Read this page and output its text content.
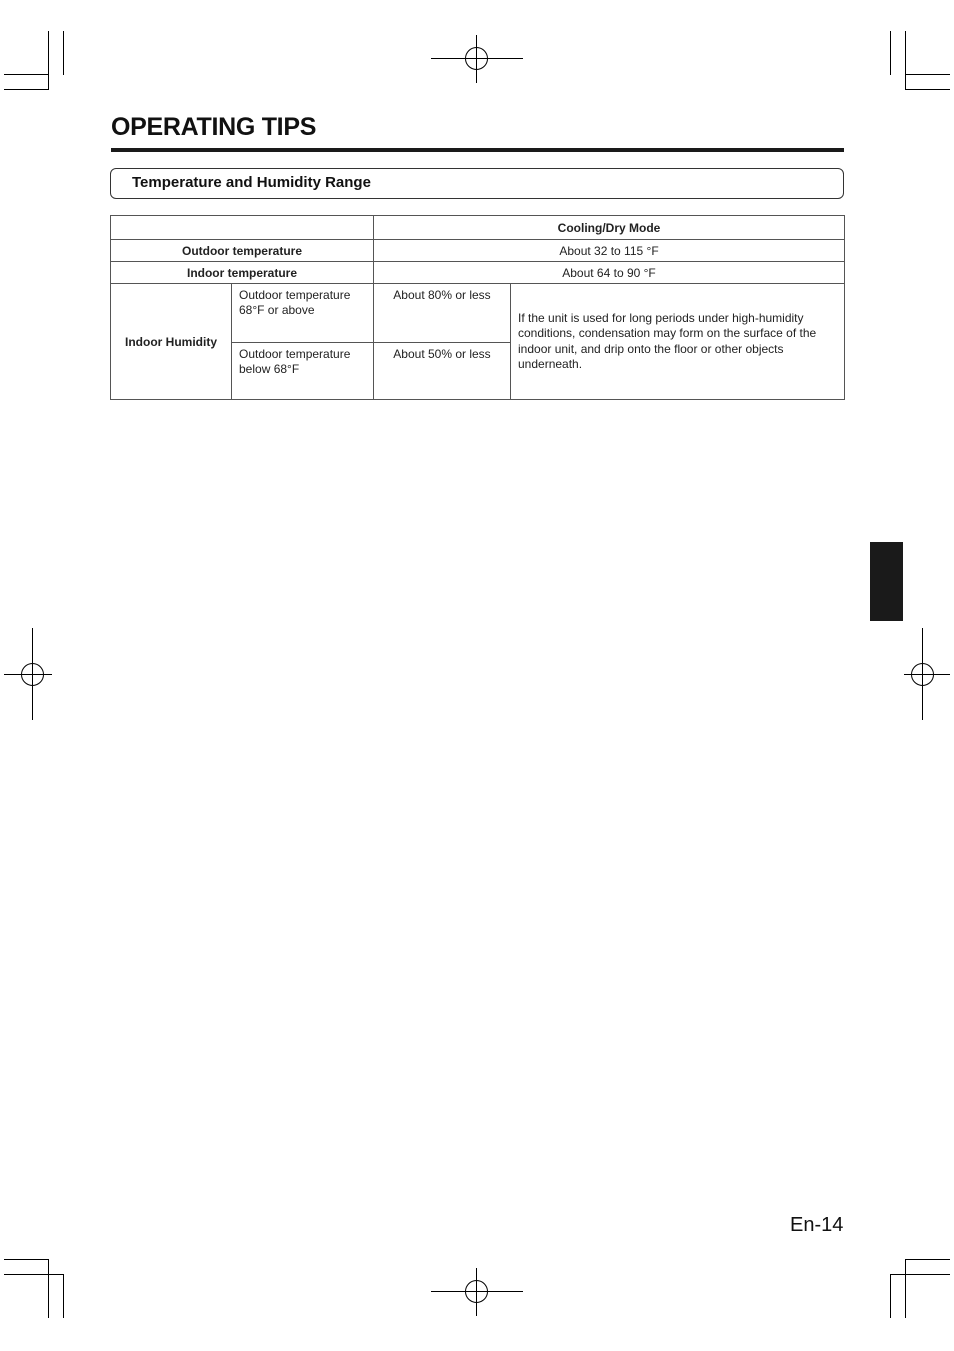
OPERATING TIPS
Temperature and Humidity Range
		Cooling/Dry Mode	
Outdoor temperature		About 32 to 115 °F	
Indoor temperature		About 64 to 90 °F	
Indoor Humidity	Outdoor temperature 68°F or above	About 80% or less	If the unit is used for long periods under high-humidity conditions, condensation may form on the surface of the indoor unit, and drip onto the floor or other objects underneath.
	Outdoor temperature below 68°F	About 50% or less	
En-14
